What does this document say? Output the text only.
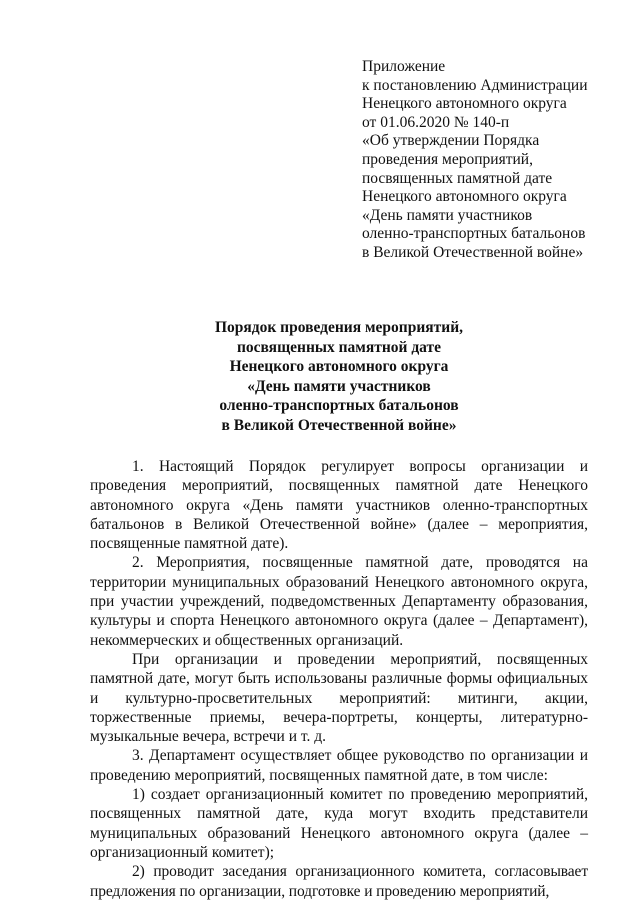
Приложение
к постановлению Администрации
Ненецкого автономного округа
от 01.06.2020 № 140-п
«Об утверждении Порядка
проведения мероприятий,
посвященных памятной дате
Ненецкого автономного округа
«День памяти участников
оленно-транспортных батальонов
в Великой Отечественной войне»
Порядок проведения мероприятий,
посвященных памятной дате
Ненецкого автономного округа
«День памяти участников
оленно-транспортных батальонов
в Великой Отечественной войне»

1. Настоящий Порядок регулирует вопросы организации и проведения мероприятий, посвященных памятной дате Ненецкого автономного округа «День памяти участников оленно-транспортных батальонов в Великой Отечественной войне» (далее – мероприятия, посвященные памятной дате).

2. Мероприятия, посвященные памятной дате, проводятся на территории муниципальных образований Ненецкого автономного округа, при участии учреждений, подведомственных Департаменту образования, культуры и спорта Ненецкого автономного округа (далее – Департамент), некоммерческих и общественных организаций.

При организации и проведении мероприятий, посвященных памятной дате, могут быть использованы различные формы официальных и культурно-просветительных мероприятий: митинги, акции, торжественные приемы, вечера-портреты, концерты, литературно-музыкальные вечера, встречи и т. д.

3. Департамент осуществляет общее руководство по организации и проведению мероприятий, посвященных памятной дате, в том числе:

1) создает организационный комитет по проведению мероприятий, посвященных памятной дате, куда могут входить представители муниципальных образований Ненецкого автономного округа (далее – организационный комитет);

2) проводит заседания организационного комитета, согласовывает предложения по организации, подготовке и проведению мероприятий,
